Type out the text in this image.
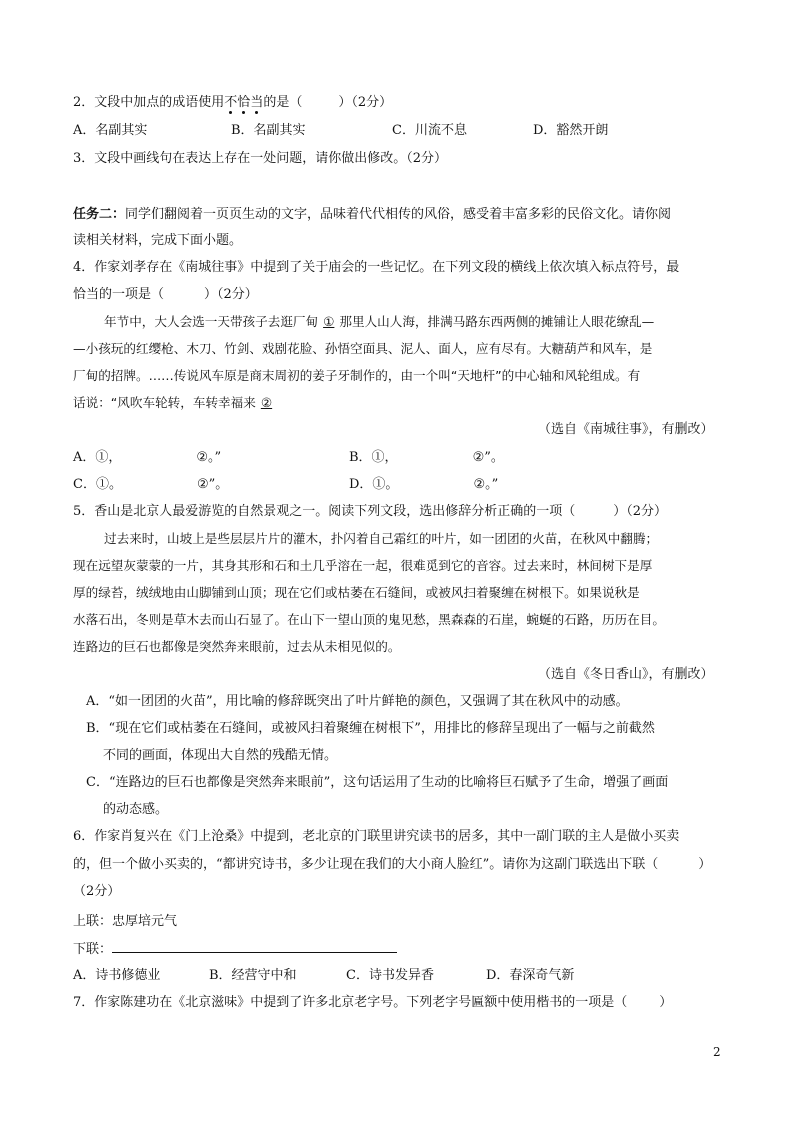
2．文段中加点的成语使用不恰当的是（	）（2分）
A．名副其实	B．名副其实	C．川流不息	D．豁然开朗
3．文段中画线句在表达上存在一处问题，请你做出修改。（2分）
任务二：同学们翻阅着一页页生动的文字，品味着代代相传的风俗，感受着丰富多彩的民俗文化。请你阅
读相关材料，完成下面小题。
4．作家刘孝存在《南城往事》中提到了关于庙会的一些记忆。在下列文段的横线上依次填入标点符号，最
恰当的一项是（	）（2分）
年节中，大人会选一天带孩子去逛厂甸 ① 那里人山人海，排满马路东西两侧的摊铺让人眼花缭乱—
—小孩玩的红缨枪、木刀、竹剑、戏剧花脸、孙悟空面具、泥人、面人，应有尽有。大糖葫芦和风车，是
厂甸的招牌。……传说风车原是商末周初的姜子牙制作的，由一个叫“天地杆”的中心轴和风轮组成。有
话说：“风吹车轮转，车转幸福来 ②
（选自《南城往事》，有删改）
A．①，	②。”	B．①，	②”。
C．①。	②”。	D．①。	②。”
5．香山是北京人最爱游览的自然景观之一。阅读下列文段，选出修辞分析正确的一项（	）（2分）
过去来时，山坡上是些层层片片的灌木，扑闪着自己霜红的叶片，如一团团的火苗，在秋风中翻腾；
现在远望灰蒙蒙的一片，其身其形和石和土几乎溶在一起，很难觅到它的音容。过去来时，林间树下是厚
厚的绿苔，绒绒地由山脚铺到山顶；现在它们或枯萎在石缝间，或被风扫着聚缠在树根下。如果说秋是
水落石出，冬则是草木去而山石显了。在山下一望山顶的鬼见愁，黑森森的石崖，蜿蜒的石路，历历在目。
连路边的巨石也都像是突然奔来眼前，过去从未相见似的。
（选自《冬日香山》，有删改）
A．“如一团团的火苗”，用比喻的修辞既突出了叶片鲜艳的颜色，又强调了其在秋风中的动感。
B．“现在它们或枯萎在石缝间，或被风扫着聚缠在树根下”，用排比的修辞呈现出了一幅与之前截然
不同的画面，体现出大自然的残酷无情。
C．“连路边的巨石也都像是突然奔来眼前”，这句话运用了生动的比喻将巨石赋予了生命，增强了画面
的动态感。
6．作家肖复兴在《门上沧桑》中提到，老北京的门联里讲究读书的居多，其中一副门联的主人是做小买卖
的，但一个做小买卖的，“都讲究诗书，多少让现在我们的大小商人脸红”。请你为这副门联选出下联（	）
（2分）
上联：忠厚培元气
下联：
A．诗书修德业	B．经营守中和	C．诗书发异香	D．春深奇气新
7．作家陈建功在《北京滋味》中提到了许多北京老字号。下列老字号匾额中使用楷书的一项是（ ）
2
